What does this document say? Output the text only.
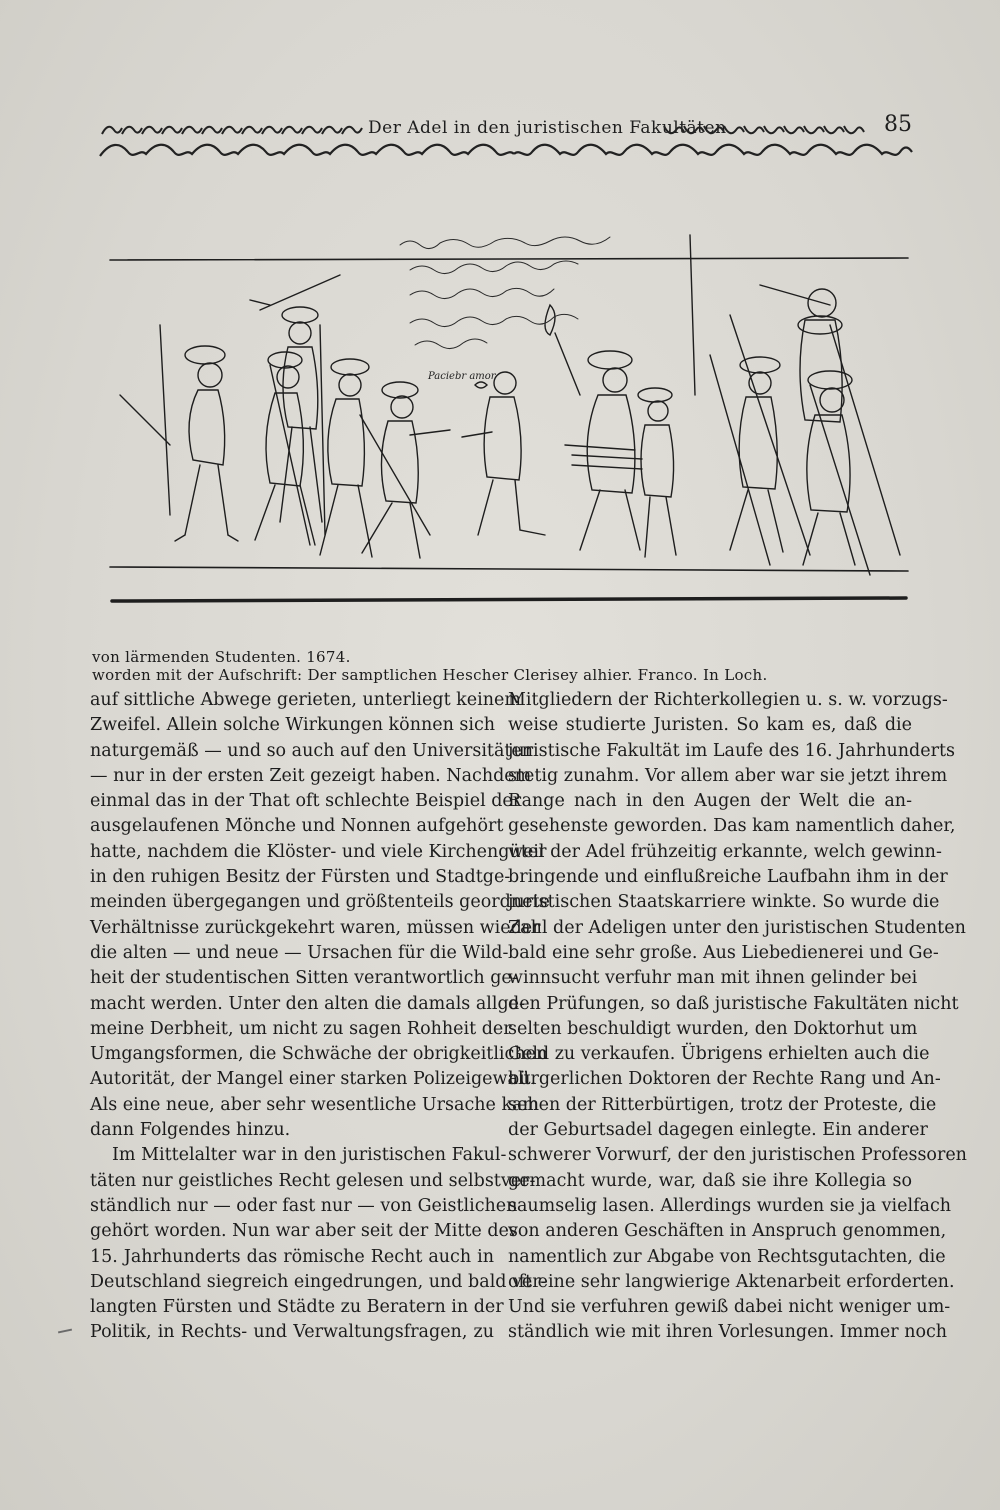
Der Adel in den juristischen Fakultäten	85
Paciebr amor
von lärmenden Studenten. 1674.
worden mit der Aufschrift: Der samptlichen Hescher Clerisey alhier. Franco. In Loch.
auf sittliche Abwege gerieten, unterliegt keinem
Zweifel. Allein solche Wirkungen können sich
naturgemäß — und so auch auf den Universitäten
— nur in der ersten Zeit gezeigt haben. Nachdem
einmal das in der That oft schlechte Beispiel der
ausgelaufenen Mönche und Nonnen aufgehört
hatte, nachdem die Klöster- und viele Kirchengüter
in den ruhigen Besitz der Fürsten und Stadtge-
meinden übergegangen und größtenteils geordnete
Verhältnisse zurückgekehrt waren, müssen wieder
die alten — und neue — Ursachen für die Wild-
heit der studentischen Sitten verantwortlich ge-
macht werden. Unter den alten die damals allge-
meine Derbheit, um nicht zu sagen Rohheit der
Umgangsformen, die Schwäche der obrigkeitlichen
Autorität, der Mangel einer starken Polizeigewalt.
Als eine neue, aber sehr wesentliche Ursache kam
dann Folgendes hinzu.
Im Mittelalter war in den juristischen Fakul-
täten nur geistliches Recht gelesen und selbstver-
ständlich nur — oder fast nur — von Geistlichen
gehört worden. Nun war aber seit der Mitte des
15. Jahrhunderts das römische Recht auch in
Deutschland siegreich eingedrungen, und bald ver-
langten Fürsten und Städte zu Beratern in der
Politik, in Rechts- und Verwaltungsfragen, zu
Mitgliedern der Richterkollegien u. s. w. vorzugs-
weise studierte Juristen. So kam es, daß die
juristische Fakultät im Laufe des 16. Jahrhunderts
stetig zunahm. Vor allem aber war sie jetzt ihrem
Range nach in den Augen der Welt die an-
gesehenste geworden. Das kam namentlich daher,
weil der Adel frühzeitig erkannte, welch gewinn-
bringende und einflußreiche Laufbahn ihm in der
juristischen Staatskarriere winkte. So wurde die
Zahl der Adeligen unter den juristischen Studenten
bald eine sehr große. Aus Liebedienerei und Ge-
winnsucht verfuhr man mit ihnen gelinder bei
den Prüfungen, so daß juristische Fakultäten nicht
selten beschuldigt wurden, den Doktorhut um
Geld zu verkaufen. Übrigens erhielten auch die
bürgerlichen Doktoren der Rechte Rang und An-
sehen der Ritterbürtigen, trotz der Proteste, die
der Geburtsadel dagegen einlegte. Ein anderer
schwerer Vorwurf, der den juristischen Professoren
gemacht wurde, war, daß sie ihre Kollegia so
saumselig lasen. Allerdings wurden sie ja vielfach
von anderen Geschäften in Anspruch genommen,
namentlich zur Abgabe von Rechtsgutachten, die
oft eine sehr langwierige Aktenarbeit erforderten.
Und sie verfuhren gewiß dabei nicht weniger um-
ständlich wie mit ihren Vorlesungen. Immer noch
